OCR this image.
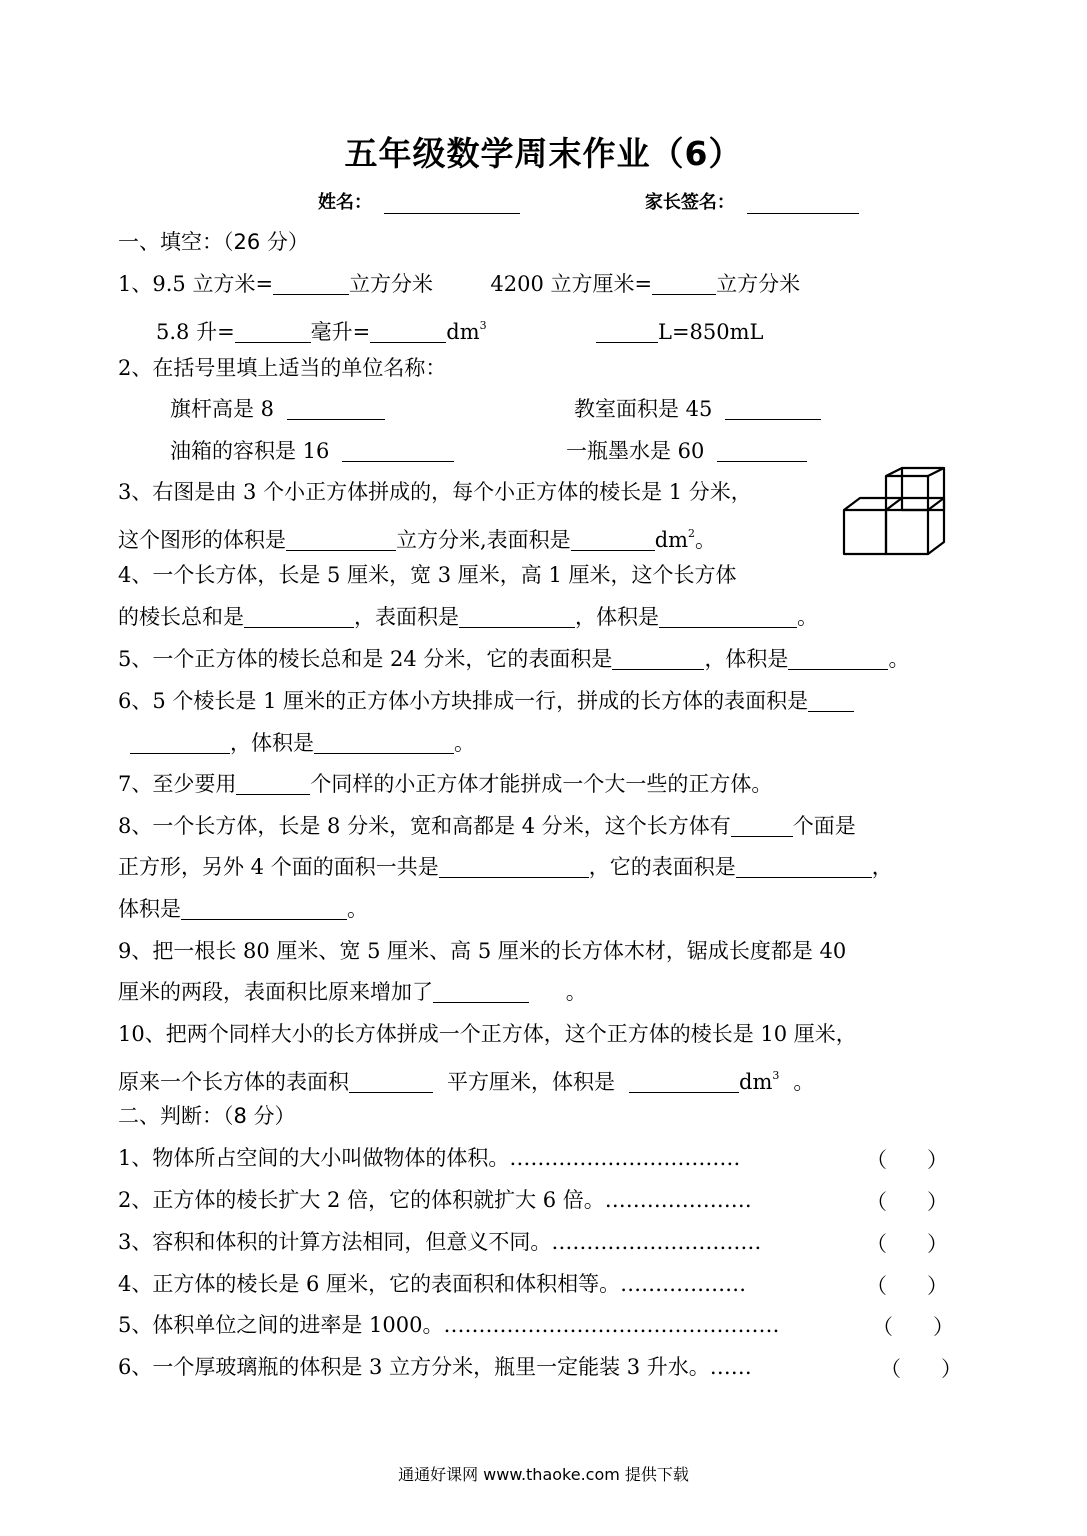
五年级数学周末作业（6）
姓名：	家长签名：
一、填空：（26 分）
1、9.5 立方米=	立方分米	4200 立方厘米=	立方分米
5.8 升=	毫升=	$dm^3$	L=850mL
2、在括号里填上适当的单位名称：
旗杆高是 8	教室面积是 45
油箱的容积是 16	一瓶墨水是 60
3、右图是由 3 个小正方体拼成的，每个小正方体的棱长是 1 分米，
这个图形的体积是	立方分米,表面积是	$dm^2$。
4、一个长方体，长是 5 厘米，宽 3 厘米，高 1 厘米，这个长方体
的棱长总和是	，表面积是	，体积是	。
5、一个正方体的棱长总和是 24 分米，它的表面积是	，体积是	。
6、5 个棱长是 1 厘米的正方体小方块排成一行，拼成的长方体的表面积是
，体积是	。
7、至少要用	个同样的小正方体才能拼成一个大一些的正方体。
8、一个长方体，长是 8 分米，宽和高都是 4 分米，这个长方体有	个面是
正方形，另外 4 个面的面积一共是	，它的表面积是	，
体积是	。
9、把一根长 80 厘米、宽 5 厘米、高 5 厘米的长方体木材，锯成长度都是 40
厘米的两段，表面积比原来增加了	。
10、把两个同样大小的长方体拼成一个正方体，这个正方体的棱长是 10 厘米，
原来一个长方体的表面积	平方厘米，体积是	$dm^3$ 。
二、判断：（8 分）
1、物体所占空间的大小叫做物体的体积。……………………………	（ ）
2、正方体的棱长扩大 2 倍，它的体积就扩大 6 倍。…………………	（ ）
3、容积和体积的计算方法相同，但意义不同。…………………………	（ ）
4、正方体的棱长是 6 厘米，它的表面积和体积相等。………………	（ ）
5、体积单位之间的进率是 1000。…………………………………………	（ ）
6、一个厚玻璃瓶的体积是 3 立方分米，瓶里一定能装 3 升水。……	（ ）
通通好课网 www.thaoke.com 提供下载
